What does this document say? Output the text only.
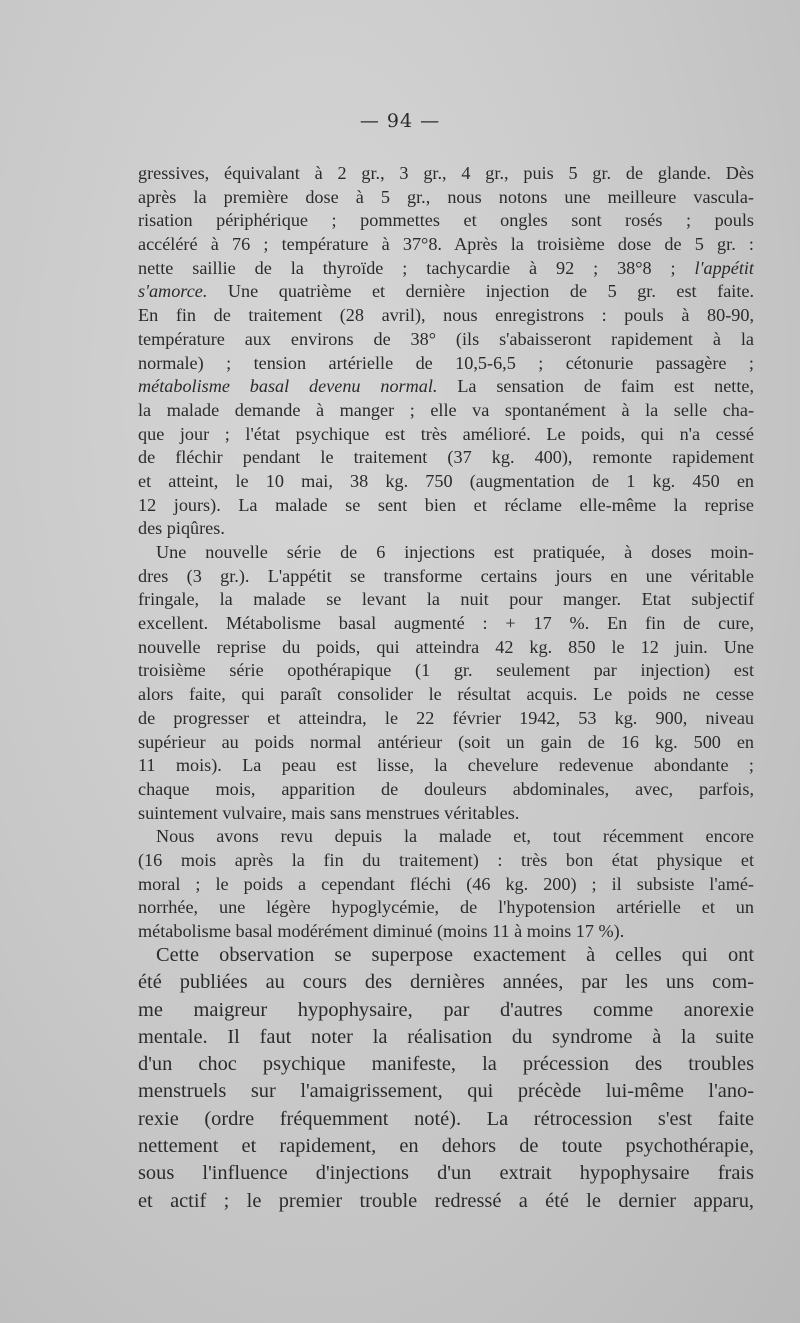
— 94 —
gressives, équivalant à 2 gr., 3 gr., 4 gr., puis 5 gr. de glande. Dès
après la première dose à 5 gr., nous notons une meilleure vascula-
risation périphérique ; pommettes et ongles sont rosés ; pouls
accéléré à 76 ; température à 37°8. Après la troisième dose de 5 gr. :
nette saillie de la thyroïde ; tachycardie à 92 ; 38°8 ; l'appétit
s'amorce. Une quatrième et dernière injection de 5 gr. est faite.
En fin de traitement (28 avril), nous enregistrons : pouls à 80-90,
température aux environs de 38° (ils s'abaisseront rapidement à la
normale) ; tension artérielle de 10,5-6,5 ; cétonurie passagère ;
métabolisme basal devenu normal. La sensation de faim est nette,
la malade demande à manger ; elle va spontanément à la selle cha-
que jour ; l'état psychique est très amélioré. Le poids, qui n'a cessé
de fléchir pendant le traitement (37 kg. 400), remonte rapidement
et atteint, le 10 mai, 38 kg. 750 (augmentation de 1 kg. 450 en
12 jours). La malade se sent bien et réclame elle-même la reprise
des piqûres.
Une nouvelle série de 6 injections est pratiquée, à doses moin-
dres (3 gr.). L'appétit se transforme certains jours en une véritable
fringale, la malade se levant la nuit pour manger. Etat subjectif
excellent. Métabolisme basal augmenté : + 17 %. En fin de cure,
nouvelle reprise du poids, qui atteindra 42 kg. 850 le 12 juin. Une
troisième série opothérapique (1 gr. seulement par injection) est
alors faite, qui paraît consolider le résultat acquis. Le poids ne cesse
de progresser et atteindra, le 22 février 1942, 53 kg. 900, niveau
supérieur au poids normal antérieur (soit un gain de 16 kg. 500 en
11 mois). La peau est lisse, la chevelure redevenue abondante ;
chaque mois, apparition de douleurs abdominales, avec, parfois,
suintement vulvaire, mais sans menstrues véritables.
Nous avons revu depuis la malade et, tout récemment encore
(16 mois après la fin du traitement) : très bon état physique et
moral ; le poids a cependant fléchi (46 kg. 200) ; il subsiste l'amé-
norrhée, une légère hypoglycémie, de l'hypotension artérielle et un
métabolisme basal modérément diminué (moins 11 à moins 17 %).
Cette observation se superpose exactement à celles qui ont
été publiées au cours des dernières années, par les uns com-
me maigreur hypophysaire, par d'autres comme anorexie
mentale. Il faut noter la réalisation du syndrome à la suite
d'un choc psychique manifeste, la précession des troubles
menstruels sur l'amaigrissement, qui précède lui-même l'ano-
rexie (ordre fréquemment noté). La rétrocession s'est faite
nettement et rapidement, en dehors de toute psychothérapie,
sous l'influence d'injections d'un extrait hypophysaire frais
et actif ; le premier trouble redressé a été le dernier apparu,
